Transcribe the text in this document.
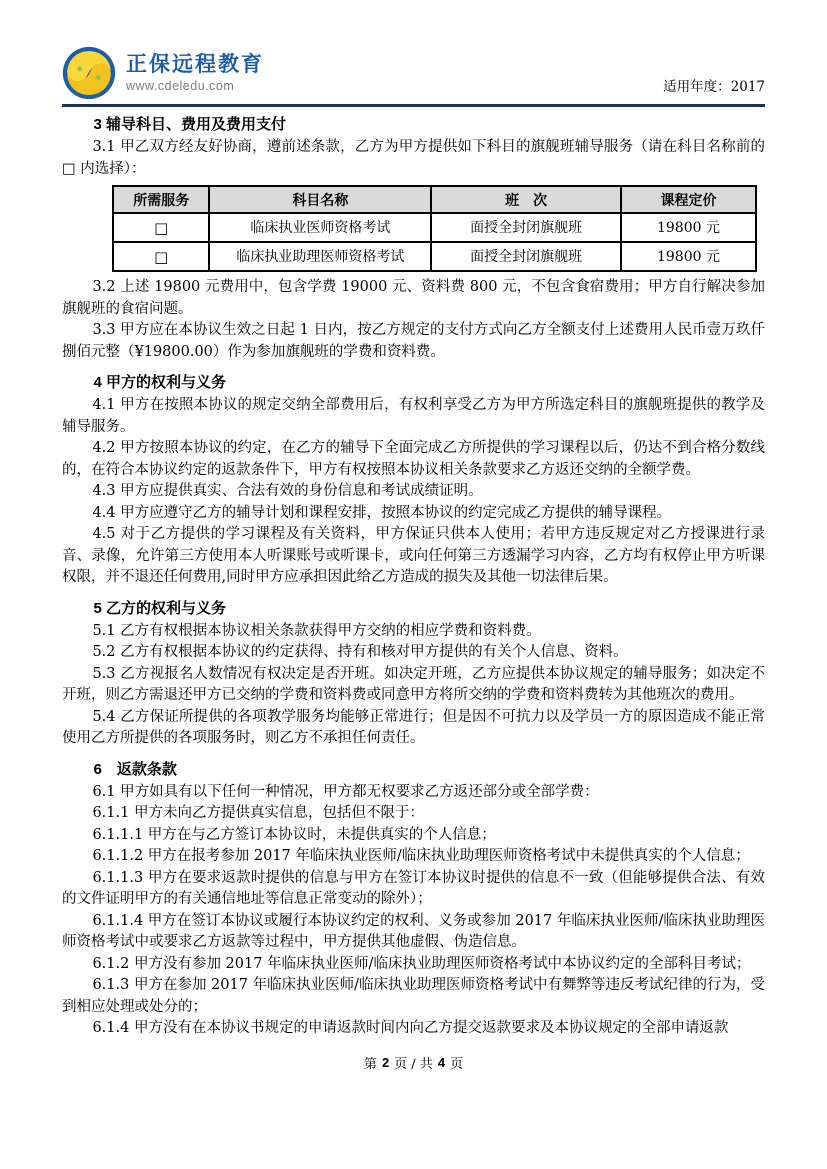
正保远程教育
www.cdeledu.com	适用年度：2017
3 辅导科目、费用及费用支付

3.1 甲乙双方经友好协商，遵前述条款，乙方为甲方提供如下科目的旗舰班辅导服务（请在科目名称前的 □ 内选择）：

所需服务	科目名称	班　次	课程定价
□	临床执业医师资格考试	面授全封闭旗舰班	19800 元
□	临床执业助理医师资格考试	面授全封闭旗舰班	19800 元

3.2 上述 19800 元费用中，包含学费 19000 元、资料费 800 元，不包含食宿费用；甲方自行解决参加旗舰班的食宿问题。

3.3 甲方应在本协议生效之日起 1 日内，按乙方规定的支付方式向乙方全额支付上述费用人民币壹万玖仟捌佰元整（¥19800.00）作为参加旗舰班的学费和资料费。

4 甲方的权利与义务

4.1 甲方在按照本协议的规定交纳全部费用后，有权利享受乙方为甲方所选定科目的旗舰班提供的教学及辅导服务。

4.2 甲方按照本协议的约定，在乙方的辅导下全面完成乙方所提供的学习课程以后，仍达不到合格分数线的，在符合本协议约定的返款条件下，甲方有权按照本协议相关条款要求乙方返还交纳的全额学费。

4.3 甲方应提供真实、合法有效的身份信息和考试成绩证明。

4.4 甲方应遵守乙方的辅导计划和课程安排，按照本协议的约定完成乙方提供的辅导课程。

4.5 对于乙方提供的学习课程及有关资料，甲方保证只供本人使用；若甲方违反规定对乙方授课进行录音、录像，允许第三方使用本人听课账号或听课卡，或向任何第三方透漏学习内容，乙方均有权停止甲方听课权限，并不退还任何费用,同时甲方应承担因此给乙方造成的损失及其他一切法律后果。

5 乙方的权利与义务

5.1 乙方有权根据本协议相关条款获得甲方交纳的相应学费和资料费。

5.2 乙方有权根据本协议的约定获得、持有和核对甲方提供的有关个人信息、资料。

5.3 乙方视报名人数情况有权决定是否开班。如决定开班，乙方应提供本协议规定的辅导服务；如决定不开班，则乙方需退还甲方已交纳的学费和资料费或同意甲方将所交纳的学费和资料费转为其他班次的费用。

5.4 乙方保证所提供的各项教学服务均能够正常进行；但是因不可抗力以及学员一方的原因造成不能正常使用乙方所提供的各项服务时，则乙方不承担任何责任。

6　返款条款

6.1 甲方如具有以下任何一种情况，甲方都无权要求乙方返还部分或全部学费：

6.1.1 甲方未向乙方提供真实信息，包括但不限于：

6.1.1.1 甲方在与乙方签订本协议时，未提供真实的个人信息；

6.1.1.2 甲方在报考参加 2017 年临床执业医师/临床执业助理医师资格考试中未提供真实的个人信息；

6.1.1.3 甲方在要求返款时提供的信息与甲方在签订本协议时提供的信息不一致（但能够提供合法、有效的文件证明甲方的有关通信地址等信息正常变动的除外）；

6.1.1.4 甲方在签订本协议或履行本协议约定的权利、义务或参加 2017 年临床执业医师/临床执业助理医师资格考试中或要求乙方返款等过程中，甲方提供其他虚假、伪造信息。

6.1.2 甲方没有参加 2017 年临床执业医师/临床执业助理医师资格考试中本协议约定的全部科目考试；

6.1.3 甲方在参加 2017 年临床执业医师/临床执业助理医师资格考试中有舞弊等违反考试纪律的行为，受到相应处理或处分的；

6.1.4 甲方没有在本协议书规定的申请返款时间内向乙方提交返款要求及本协议规定的全部申请返款

第 2 页 / 共 4 页
